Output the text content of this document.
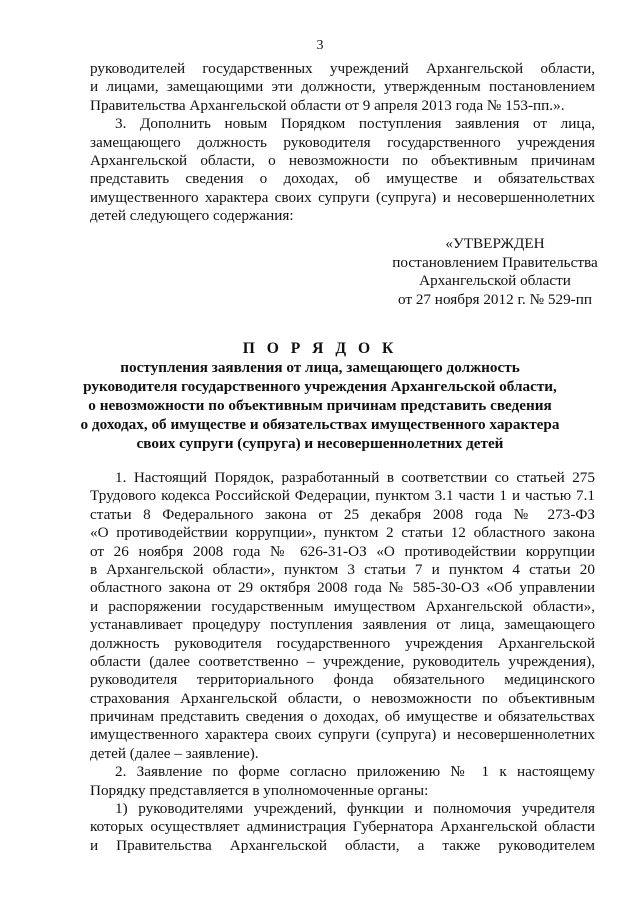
3
руководителей государственных учреждений Архангельской области,
и лицами, замещающими эти должности, утвержденным постановлением
Правительства Архангельской области от 9 апреля 2013 года № 153-пп.».
3. Дополнить новым Порядком поступления заявления от лица,
замещающего должность руководителя государственного учреждения
Архангельской области, о невозможности по объективным причинам
представить сведения о доходах, об имуществе и обязательствах
имущественного характера своих супруги (супруга) и несовершеннолетних
детей следующего содержания:
«УТВЕРЖДЕН
постановлением Правительства
Архангельской области
от 27 ноября 2012 г. № 529-пп
П О Р Я Д О К
поступления заявления от лица, замещающего должность
руководителя государственного учреждения Архангельской области,
о невозможности по объективным причинам представить сведения
о доходах, об имуществе и обязательствах имущественного характера
своих супруги (супруга) и несовершеннолетних детей
1. Настоящий Порядок, разработанный в соответствии со статьей 275
Трудового кодекса Российской Федерации, пунктом 3.1 части 1 и частью 7.1
статьи 8 Федерального закона от 25 декабря 2008 года № 273-ФЗ
«О противодействии коррупции», пунктом 2 статьи 12 областного закона
от 26 ноября 2008 года № 626-31-ОЗ «О противодействии коррупции
в Архангельской области», пунктом 3 статьи 7 и пунктом 4 статьи 20
областного закона от 29 октября 2008 года № 585-30-ОЗ «Об управлении
и распоряжении государственным имуществом Архангельской области»,
устанавливает процедуру поступления заявления от лица, замещающего
должность руководителя государственного учреждения Архангельской
области (далее соответственно – учреждение, руководитель учреждения),
руководителя территориального фонда обязательного медицинского
страхования Архангельской области, о невозможности по объективным
причинам представить сведения о доходах, об имуществе и обязательствах
имущественного характера своих супруги (супруга) и несовершеннолетних
детей (далее – заявление).
2. Заявление по форме согласно приложению № 1 к настоящему
Порядку представляется в уполномоченные органы:
1) руководителями учреждений, функции и полномочия учредителя
которых осуществляет администрация Губернатора Архангельской области
и Правительства Архангельской области, а также руководителем
